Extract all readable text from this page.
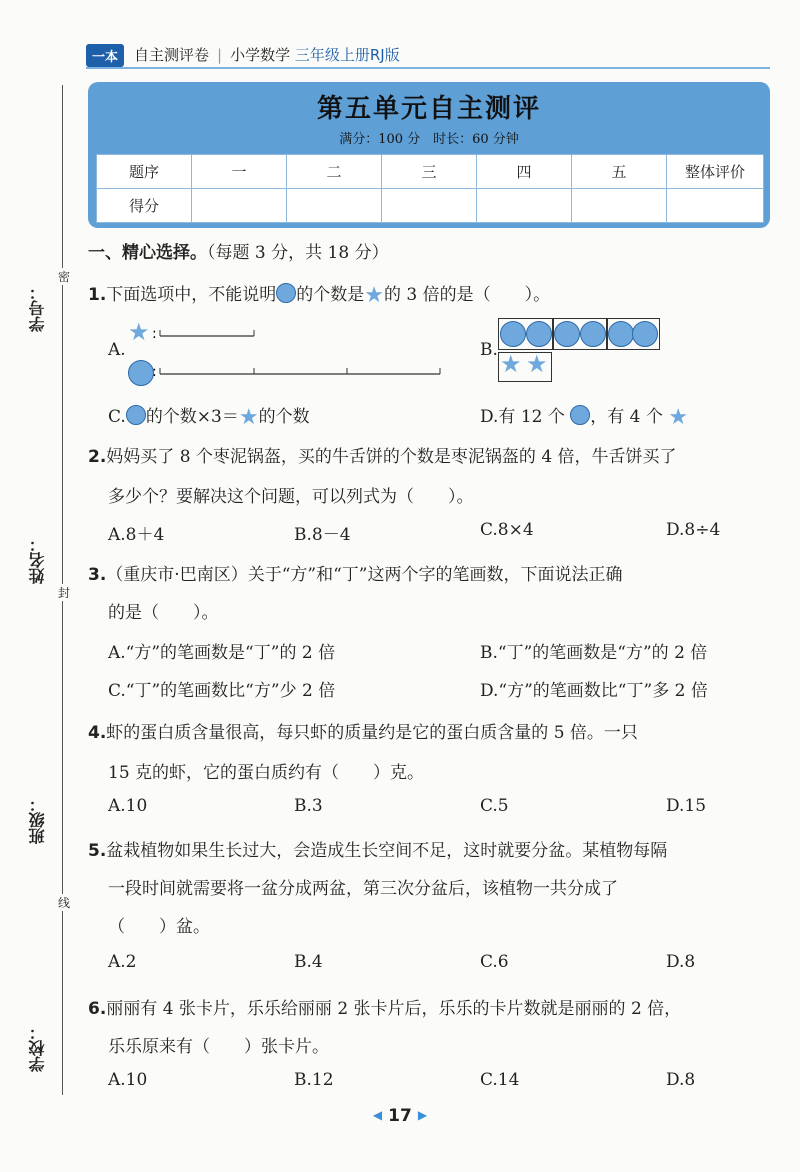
一本	自主测评卷 | 小学数学 三年级上册RJ版
学号：
姓名：
班级：
学校：
密
封
线
第五单元自主测评
满分：100 分　时长：60 分钟
题序	一	二	三	四	五	整体评价
得分						
一、精心选择。（每题 3 分，共 18 分）
1.下面选项中，不能说明 的个数是★的 3 倍的是（　　）。
A.
★ :
:
B. ★ ★
C. 的个数×3＝★的个数	D.有 12 个 ，有 4 个 ★
2.妈妈买了 8 个枣泥锅盔，买的牛舌饼的个数是枣泥锅盔的 4 倍，牛舌饼买了
多少个？要解决这个问题，可以列式为（　　）。
A.8＋4	B.8－4	C.8×4	D.8÷4
3.（重庆市·巴南区）关于“方”和“丁”这两个字的笔画数，下面说法正确
的是（　　）。
A.“方”的笔画数是“丁”的 2 倍	B.“丁”的笔画数是“方”的 2 倍
C.“丁”的笔画数比“方”少 2 倍	D.“方”的笔画数比“丁”多 2 倍
4.虾的蛋白质含量很高，每只虾的质量约是它的蛋白质含量的 5 倍。一只
15 克的虾，它的蛋白质约有（　　）克。
A.10	B.3	C.5	D.15
5.盆栽植物如果生长过大，会造成生长空间不足，这时就要分盆。某植物每隔
一段时间就需要将一盆分成两盆，第三次分盆后，该植物一共分成了
（　　）盆。
A.2	B.4	C.6	D.8
6.丽丽有 4 张卡片，乐乐给丽丽 2 张卡片后，乐乐的卡片数就是丽丽的 2 倍，
乐乐原来有（　　）张卡片。
A.10	B.12	C.14	D.8
◀ 17 ▶
